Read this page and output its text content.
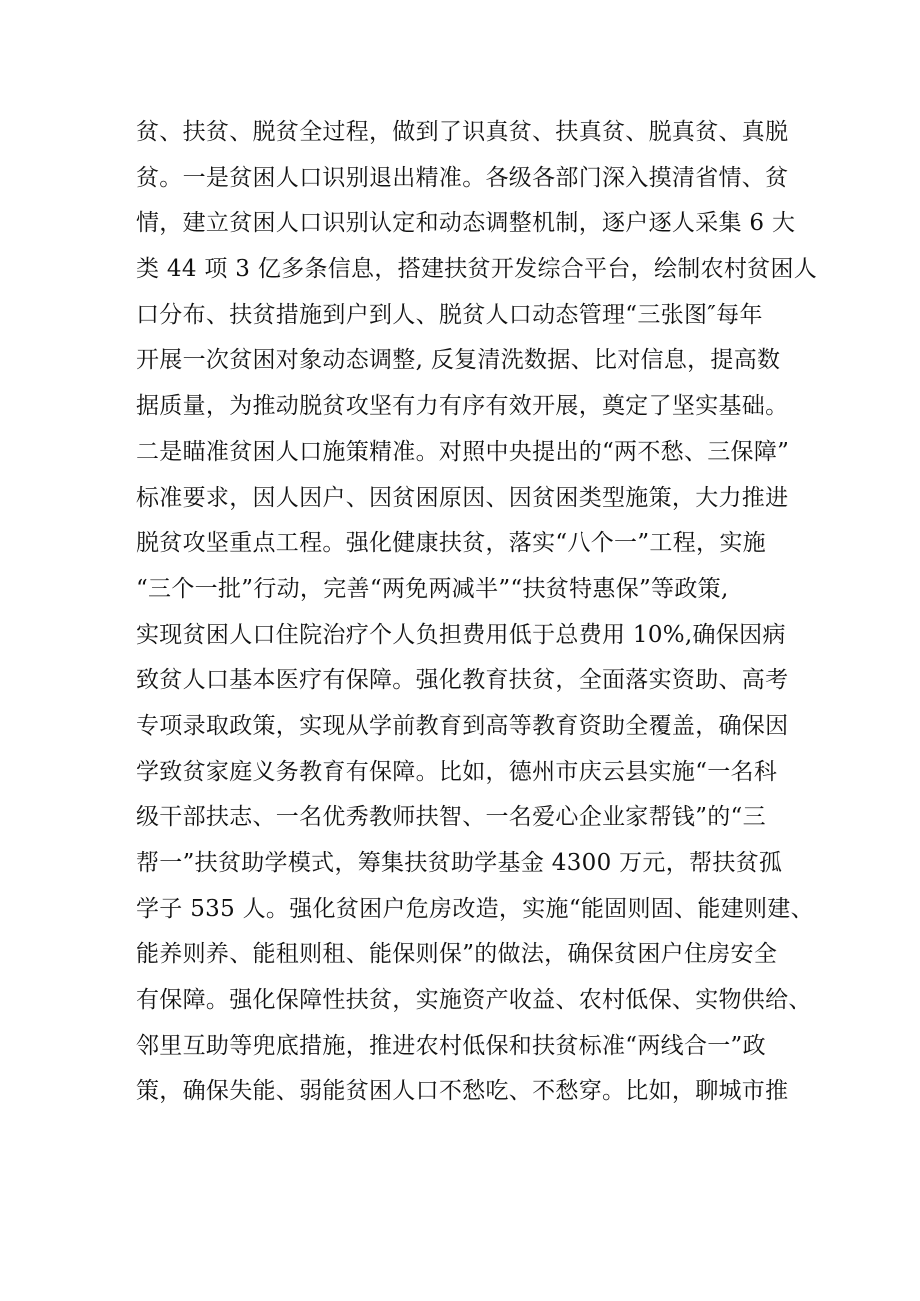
贫、扶贫、脱贫全过程，做到了识真贫、扶真贫、脱真贫、真脱
贫。一是贫困人口识别退出精准。各级各部门深入摸清省情、贫
情，建立贫困人口识别认定和动态调整机制，逐户逐人采集 6 大
类 44 项 3 亿多条信息，搭建扶贫开发综合平台，绘制农村贫困人
口分布、扶贫措施到户到人、脱贫人口动态管理“三张图″每年
开展一次贫困对象动态调整, 反复清洗数据、比对信息，提高数
据质量，为推动脱贫攻坚有力有序有效开展，奠定了坚实基础。
二是瞄准贫困人口施策精准。对照中央提出的“两不愁、三保障”
标准要求，因人因户、因贫困原因、因贫困类型施策，大力推进
脱贫攻坚重点工程。强化健康扶贫，落实“八个一”工程，实施
“三个一批”行动，完善“两免两减半”“扶贫特惠保”等政策,
实现贫困人口住院治疗个人负担费用低于总费用 10%,确保因病
致贫人口基本医疗有保障。强化教育扶贫，全面落实资助、高考
专项录取政策，实现从学前教育到高等教育资助全覆盖，确保因
学致贫家庭义务教育有保障。比如，德州市庆云县实施“一名科
级干部扶志、一名优秀教师扶智、一名爱心企业家帮钱”的“三
帮一”扶贫助学模式，筹集扶贫助学基金 4300 万元，帮扶贫孤
学子 535 人。强化贫困户危房改造，实施“能固则固、能建则建、
能养则养、能租则租、能保则保”的做法，确保贫困户住房安全
有保障。强化保障性扶贫，实施资产收益、农村低保、实物供给、
邻里互助等兜底措施，推进农村低保和扶贫标准“两线合一”政
策，确保失能、弱能贫困人口不愁吃、不愁穿。比如，聊城市推
